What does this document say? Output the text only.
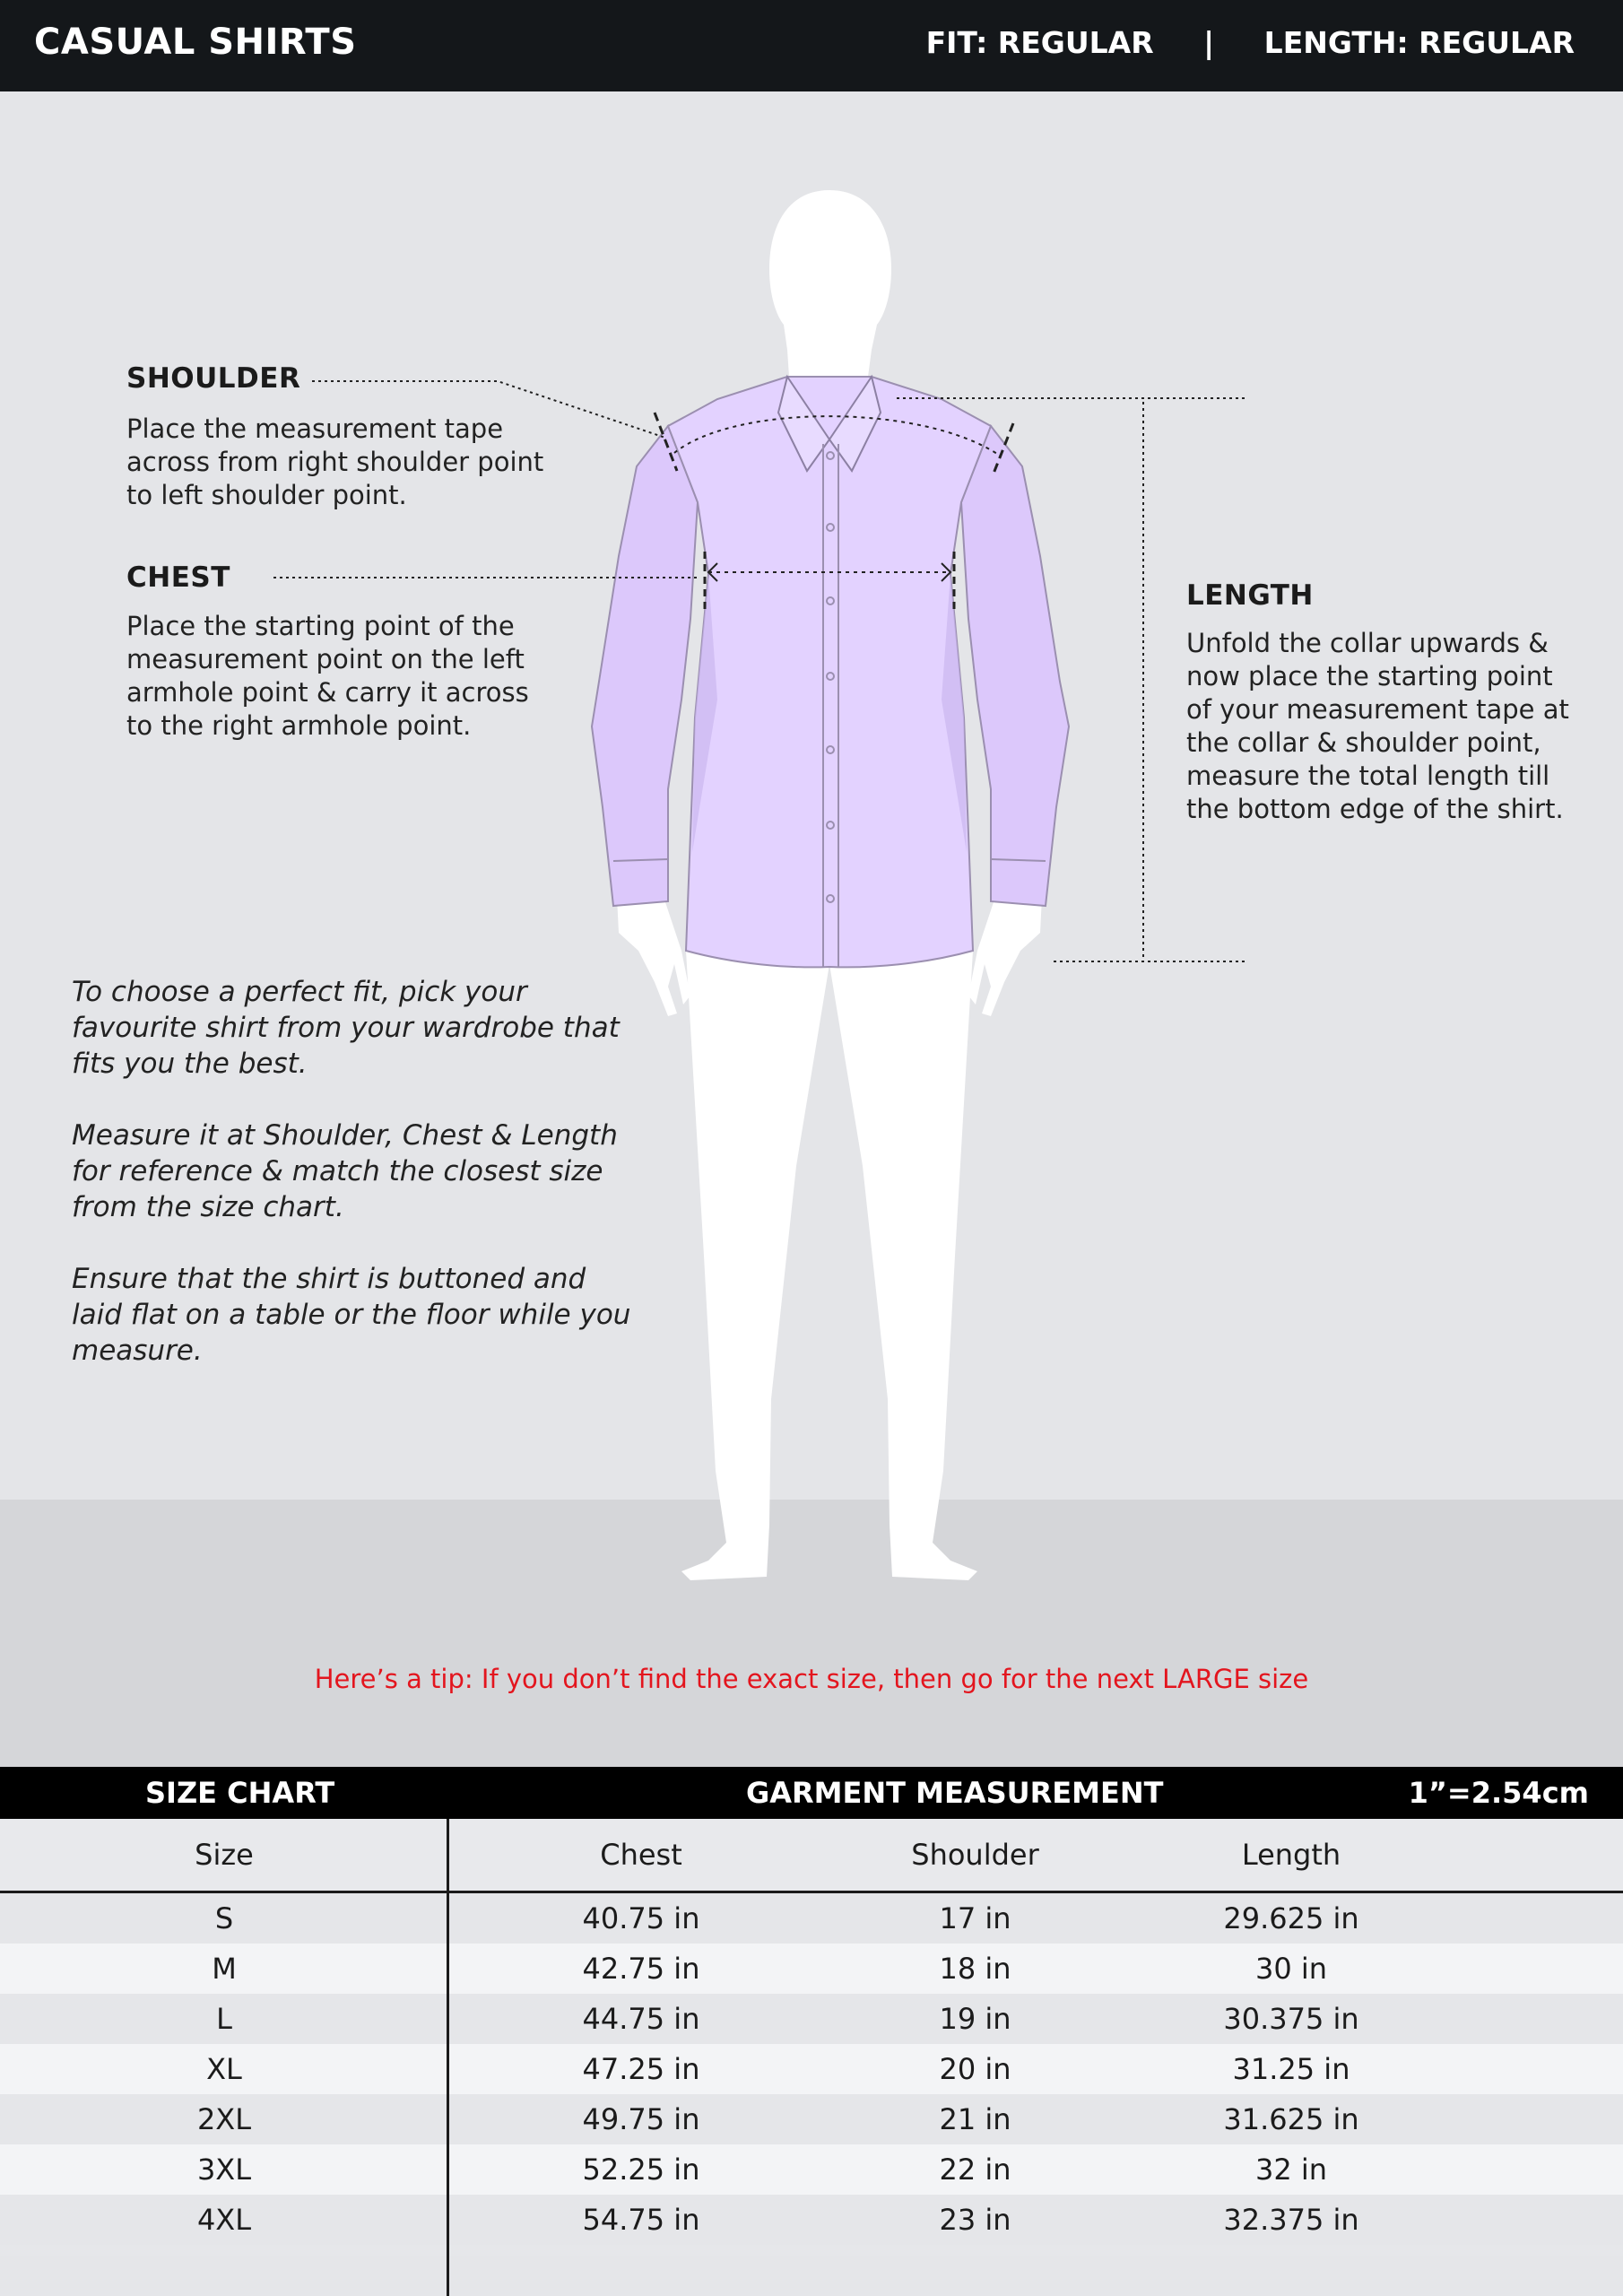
CASUAL SHIRTS	FIT: REGULAR | LENGTH: REGULAR
SHOULDER
Place the measurement tape
across from right shoulder point
to left shoulder point.
CHEST
Place the starting point of the
measurement point on the left
armhole point & carry it across
to the right armhole point.
LENGTH
Unfold the collar upwards &
now place the starting point
of your measurement tape at
the collar & shoulder point,
measure the total length till
the bottom edge of the shirt.

To choose a perfect fit, pick your
favourite shirt from your wardrobe that
fits you the best.

Measure it at Shoulder, Chest & Length
for reference & match the closest size
from the size chart.

Ensure that the shirt is buttoned and
laid flat on a table or the floor while you
measure.

Here’s a tip: If you don’t find the exact size, then go for the next LARGE size
SIZE CHART	GARMENT MEASUREMENT	1”=2.54cm
Size	Chest	Shoulder	Length
S	40.75 in	17 in	29.625 in
M	42.75 in	18 in	30 in
L	44.75 in	19 in	30.375 in
XL	47.25 in	20 in	31.25 in
2XL	49.75 in	21 in	31.625 in
3XL	52.25 in	22 in	32 in
4XL	54.75 in	23 in	32.375 in
